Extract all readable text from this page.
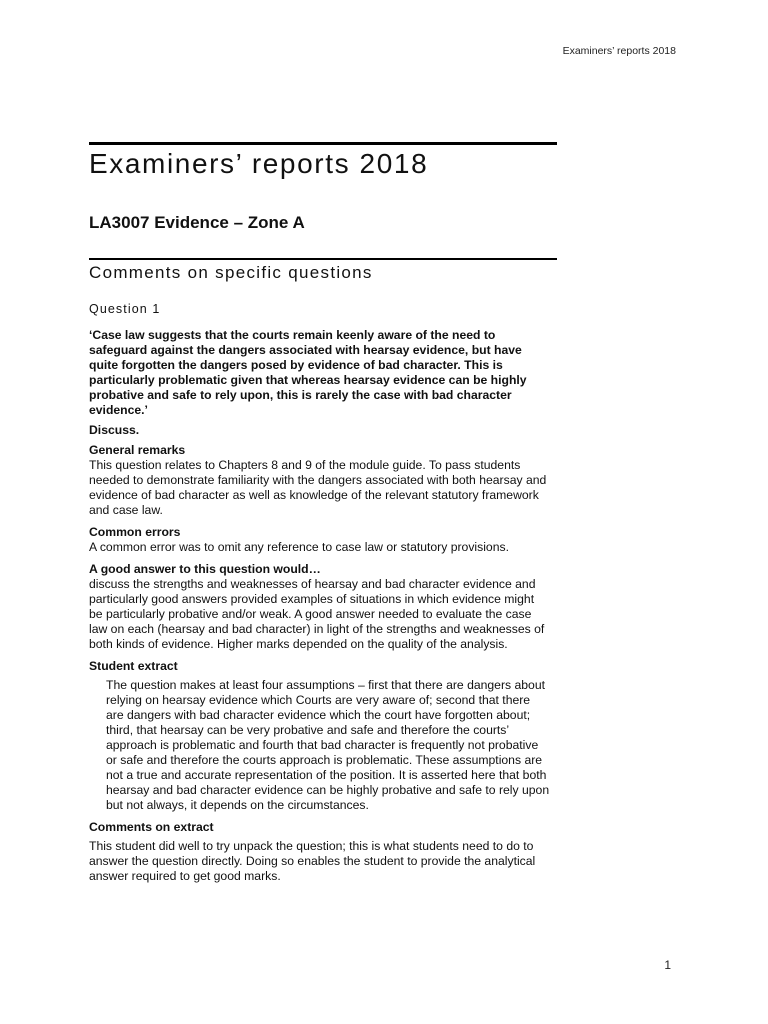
Examiners’ reports 2018
Examiners’ reports 2018
LA3007 Evidence – Zone A
Comments on specific questions

Question 1

‘Case law suggests that the courts remain keenly aware of the need to safeguard against the dangers associated with hearsay evidence, but have quite forgotten the dangers posed by evidence of bad character. This is particularly problematic given that whereas hearsay evidence can be highly probative and safe to rely upon, this is rarely the case with bad character evidence.’

Discuss.

General remarks

This question relates to Chapters 8 and 9 of the module guide. To pass students needed to demonstrate familiarity with the dangers associated with both hearsay and evidence of bad character as well as knowledge of the relevant statutory framework and case law.

Common errors

A common error was to omit any reference to case law or statutory provisions.

A good answer to this question would…

discuss the strengths and weaknesses of hearsay and bad character evidence and particularly good answers provided examples of situations in which evidence might be particularly probative and/or weak. A good answer needed to evaluate the case law on each (hearsay and bad character) in light of the strengths and weaknesses of both kinds of evidence. Higher marks depended on the quality of the analysis.

Student extract

The question makes at least four assumptions – first that there are dangers about relying on hearsay evidence which Courts are very aware of; second that there are dangers with bad character evidence which the court have forgotten about; third, that hearsay can be very probative and safe and therefore the courts’ approach is problematic and fourth that bad character is frequently not probative or safe and therefore the courts approach is problematic. These assumptions are not a true and accurate representation of the position. It is asserted here that both hearsay and bad character evidence can be highly probative and safe to rely upon but not always, it depends on the circumstances.

Comments on extract

This student did well to try unpack the question; this is what students need to do to answer the question directly. Doing so enables the student to provide the analytical answer required to get good marks.

1
